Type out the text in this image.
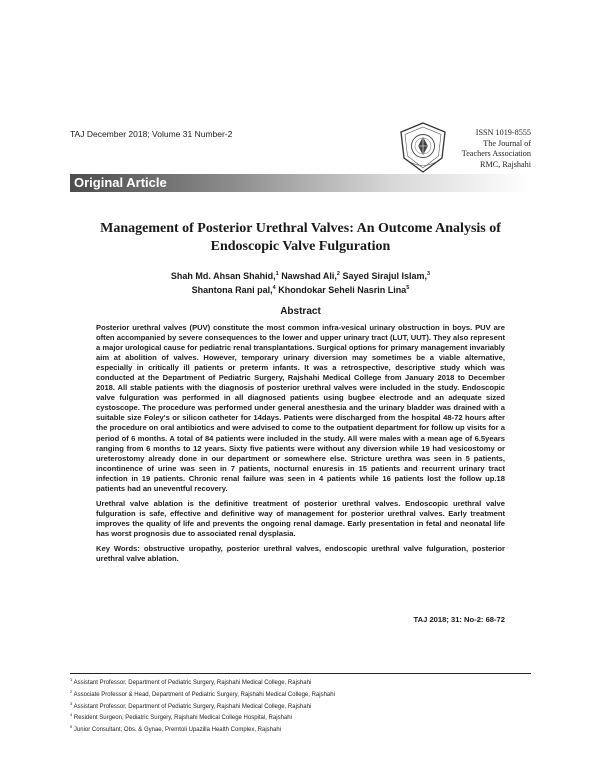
TAJ December 2018; Volume 31 Number-2	ISSN 1019-8555
The Journal of
Teachers Association
RMC, Rajshahi
Original Article
Management of Posterior Urethral Valves: An Outcome Analysis of Endoscopic Valve Fulguration
Shah Md. Ahsan Shahid,$^1$ Nawshad Ali,$^2$ Sayed Sirajul Islam,$^3$
Shantona Rani pal,$^4$ Khondokar Seheli Nasrin Lina$^5$
Abstract

Posterior urethral valves (PUV) constitute the most common infra-vesical urinary obstruction in boys. PUV are often accompanied by severe consequences to the lower and upper urinary tract (LUT, UUT). They also represent a major urological cause for pediatric renal transplantations. Surgical options for primary management invariably aim at abolition of valves. However, temporary urinary diversion may sometimes be a viable alternative, especially in critically ill patients or preterm infants. It was a retrospective, descriptive study which was conducted at the Department of Pediatric Surgery, Rajshahi Medical College from January 2018 to December 2018. All stable patients with the diagnosis of posterior urethral valves were included in the study. Endoscopic valve fulguration was performed in all diagnosed patients using bugbee electrode and an adequate sized cystoscope. The procedure was performed under general anesthesia and the urinary bladder was drained with a suitable size Foley's or silicon catheter for 14days. Patients were discharged from the hospital 48-72 hours after the procedure on oral antibiotics and were advised to come to the outpatient department for follow up visits for a period of 6 months. A total of 84 patients were included in the study. All were males with a mean age of 6.5years ranging from 6 months to 12 years. Sixty five patients were without any diversion while 19 had vesicostomy or ureterostomy already done in our department or somewhere else. Stricture urethra was seen in 5 patients, incontinence of urine was seen in 7 patients, nocturnal enuresis in 15 patients and recurrent urinary tract infection in 19 patients. Chronic renal failure was seen in 4 patients while 16 patients lost the follow up.18 patients had an uneventful recovery.

Urethral valve ablation is the definitive treatment of posterior urethral valves. Endoscopic urethral valve fulguration is safe, effective and definitive way of management for posterior urethral valves. Early treatment improves the quality of life and prevents the ongoing renal damage. Early presentation in fetal and neonatal life has worst prognosis due to associated renal dysplasia.

Key Words: obstructive uropathy, posterior urethral valves, endoscopic urethral valve fulguration, posterior urethral valve ablation.

TAJ 2018; 31: No-2: 68-72
$^1$ Assistant Professor, Department of Pediatric Surgery, Rajshahi Medical College, Rajshahi
$^2$ Associate Professor & Head, Department of Pediatric Surgery, Rajshahi Medical College, Rajshahi
$^3$ Assistant Professor, Department of Pediatric Surgery, Rajshahi Medical College, Rajshahi
$^4$ Resident Surgeon, Pediatric Surgery, Rajshahi Medical College Hospital, Rajshahi
$^5$ Junior Consultant, Obs. & Gynae, Premtoli Upazilla Health Complex, Rajshahi
